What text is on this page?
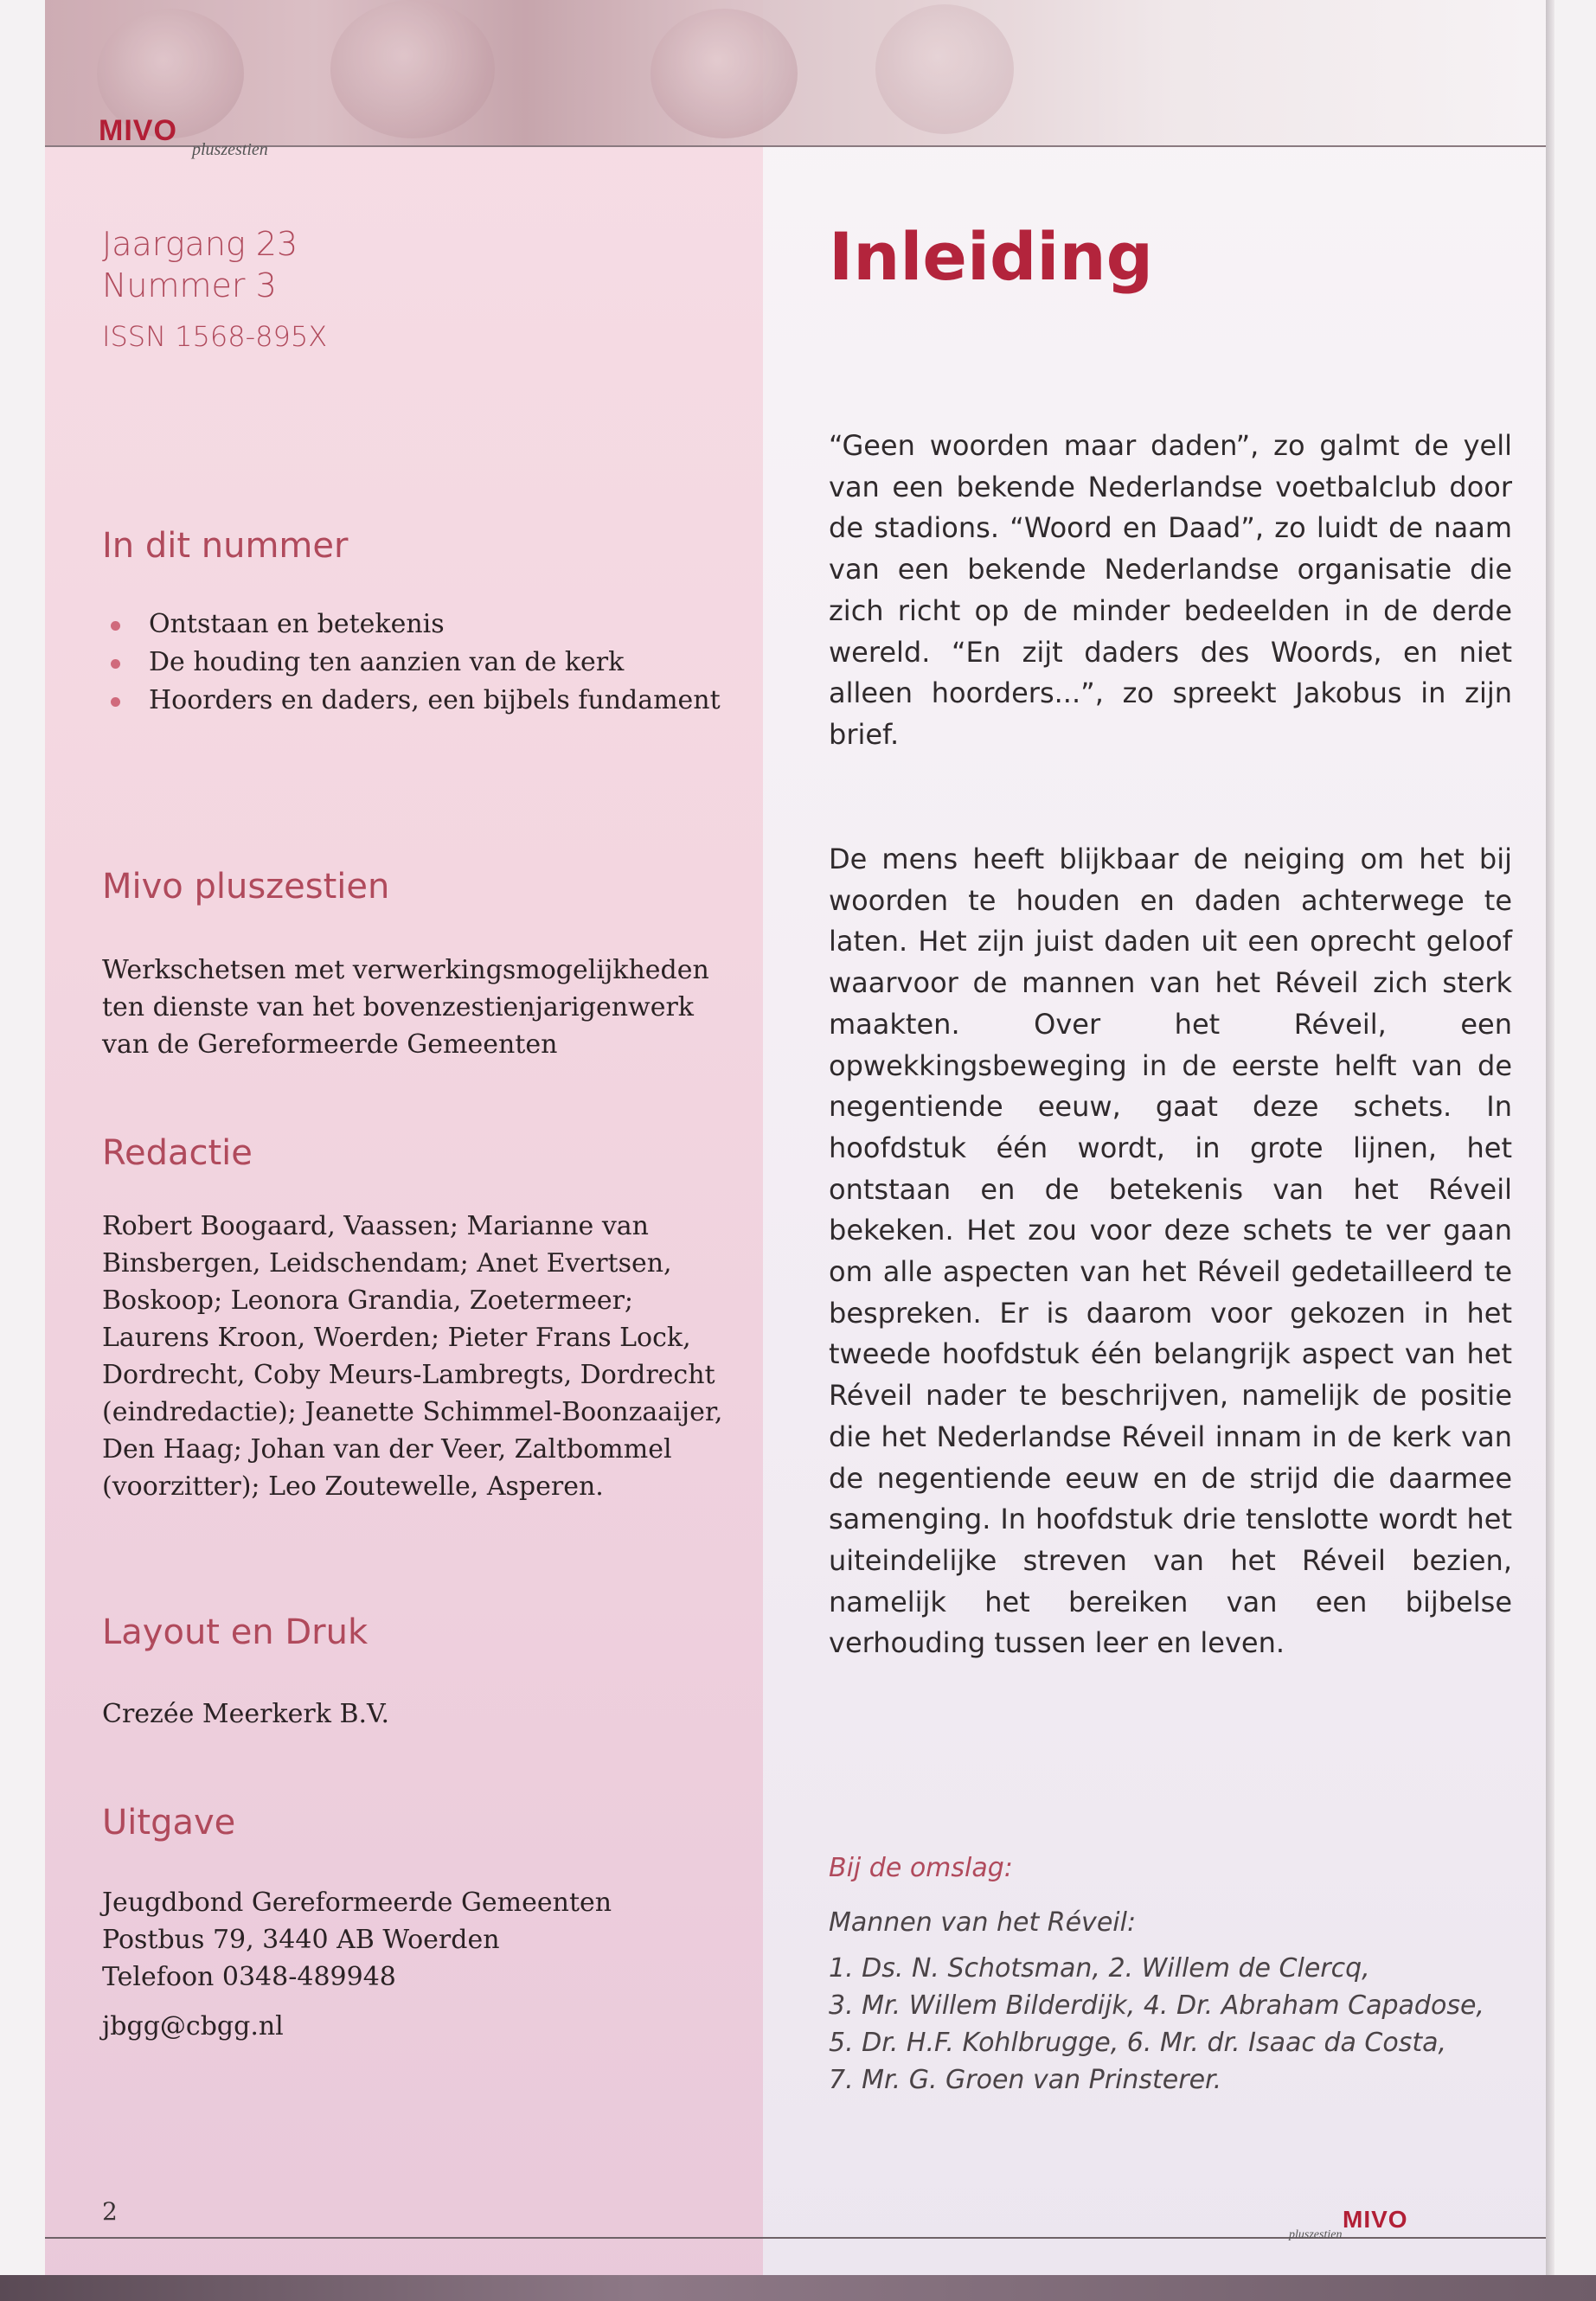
MIVO
pluszestien
Jaargang 23
Nummer 3
ISSN 1568-895X
In dit nummer
Ontstaan en betekenis
De houding ten aanzien van de kerk
Hoorders en daders, een bijbels fundament
Mivo pluszestien
Werkschetsen met verwerkingsmogelijkheden ten dienste van het bovenzestienjarigenwerk van de Gereformeerde Gemeenten
Redactie
Robert Boogaard, Vaassen; Marianne van Binsbergen, Leidschendam; Anet Evertsen, Boskoop; Leonora Grandia, Zoetermeer; Laurens Kroon, Woerden; Pieter Frans Lock, Dordrecht, Coby Meurs-Lambregts, Dordrecht (eindredactie); Jeanette Schimmel-Boonzaaijer, Den Haag; Johan van der Veer, Zaltbommel (voorzitter); Leo Zoutewelle, Asperen.
Layout en Druk
Crezée Meerkerk B.V.
Uitgave
Jeugdbond Gereformeerde Gemeenten
Postbus 79, 3440 AB Woerden
Telefoon 0348-489948
jbgg@cbgg.nl
Inleiding
“Geen woorden maar daden”, zo galmt de yell van een bekende Nederlandse voetbalclub door de stadions. “Woord en Daad”, zo luidt de naam van een bekende Nederlandse organisatie die zich richt op de minder bedeelden in de derde wereld. “En zijt daders des Woords, en niet alleen hoorders...”, zo spreekt Jakobus in zijn brief.
De mens heeft blijkbaar de neiging om het bij woorden te houden en daden achterwege te laten. Het zijn juist daden uit een oprecht geloof waarvoor de mannen van het Réveil zich sterk maakten. Over het Réveil, een opwekkingsbeweging in de eerste helft van de negentiende eeuw, gaat deze schets. In hoofdstuk één wordt, in grote lijnen, het ontstaan en de betekenis van het Réveil bekeken. Het zou voor deze schets te ver gaan om alle aspecten van het Réveil gedetailleerd te bespreken. Er is daarom voor gekozen in het tweede hoofdstuk één belangrijk aspect van het Réveil nader te beschrijven, namelijk de positie die het Nederlandse Réveil innam in de kerk van de negentiende eeuw en de strijd die daarmee samenging. In hoofdstuk drie tenslotte wordt het uiteindelijke streven van het Réveil bezien, namelijk het bereiken van een bijbelse verhouding tussen leer en leven.
Bij de omslag:
Mannen van het Réveil:
1. Ds. N. Schotsman, 2. Willem de Clercq,
3. Mr. Willem Bilderdijk, 4. Dr. Abraham Capadose,
5. Dr. H.F. Kohlbrugge, 6. Mr. dr. Isaac da Costa,
7. Mr. G. Groen van Prinsterer.
2	MIVO
pluszestien
